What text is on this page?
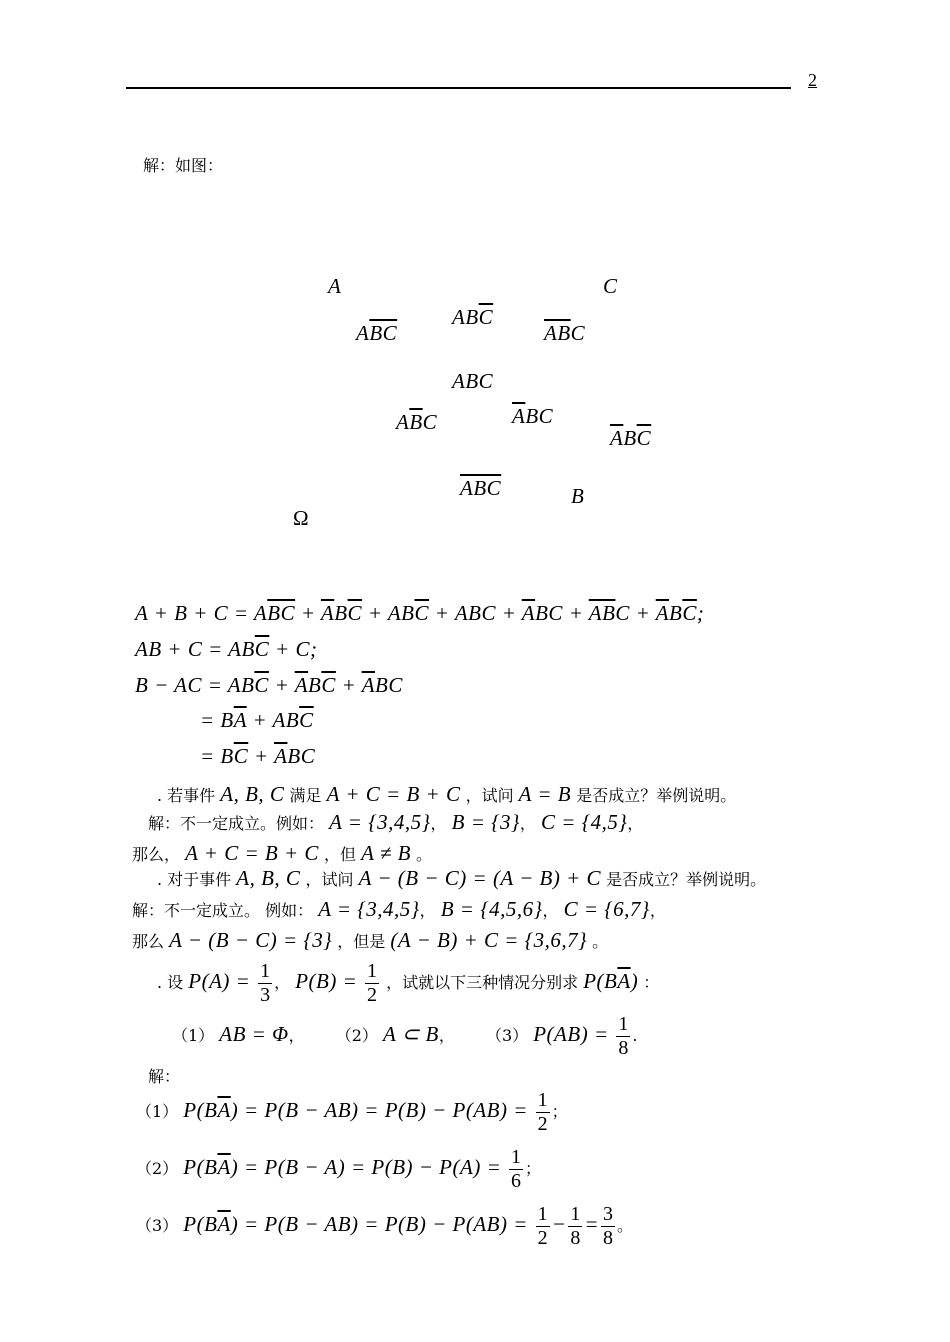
2
解：如图：
A	C
$AB\overline{C}$
$A\overline{BC}$	$\overline{AB}C$
ABC
$A\overline{B}C$	$\overline{A}BC$
$\overline{A}B\overline{C}$
$\overline{ABC}$	B
Ω
$A + B + C = A\overline{B}\overline{C} + \overline{A}B\overline{C} + AB\overline{C}$ + ABC + $\overline{A}BC + \overline{A}\overline{B}C + \overline{A}B\overline{C}$;
AB + $C = AB\overline{C} + C$;
B − AC = $AB\overline{C} + \overline{A}B\overline{C} + \overline{A}BC$
= $B\overline{A} + AB\overline{C}$
= $B\overline{C} + \overline{A}BC$
. 若事件 A, B, C 满足 A + C = B + C ，试问 A = B 是否成立？举例说明。
解：不一定成立。例如： A = {3,4,5}， B = {3}， C = {4,5}，
那么， A + C = B + C ，但 A ≠ B 。
. 对于事件 A, B, C ，试问 A − (B − C) = (A − B) + C 是否成立？举例说明。
解：不一定成立。 例如： A = {3,4,5}， B = {4,5,6}， C = {6,7}，
那么 A − (B − C) = {3} ，但是 (A − B) + C = {3,6,7} 。
. 设 $P(A) = \frac{1}{3}$ ， $P(B) = \frac{1}{2}$ ，试就以下三种情况分别求 $P(B\overline{A})$ ：
（1） AB = Φ， （2） A ⊂ B， （3） $P(AB) = \frac{1}{8}$ .
解：
（1） $P(B\overline{A}) = P(B - AB) = P(B) - P(AB) = \frac{1}{2}$ ；
（2） $P(B\overline{A}) = P(B - A) = P(B) - P(A) = \frac{1}{6}$ ；
（3） $P(B\overline{A}) = P(B - AB) = P(B) - P(AB) = \frac{1}{2} - \frac{1}{8} = \frac{3}{8}$ 。
